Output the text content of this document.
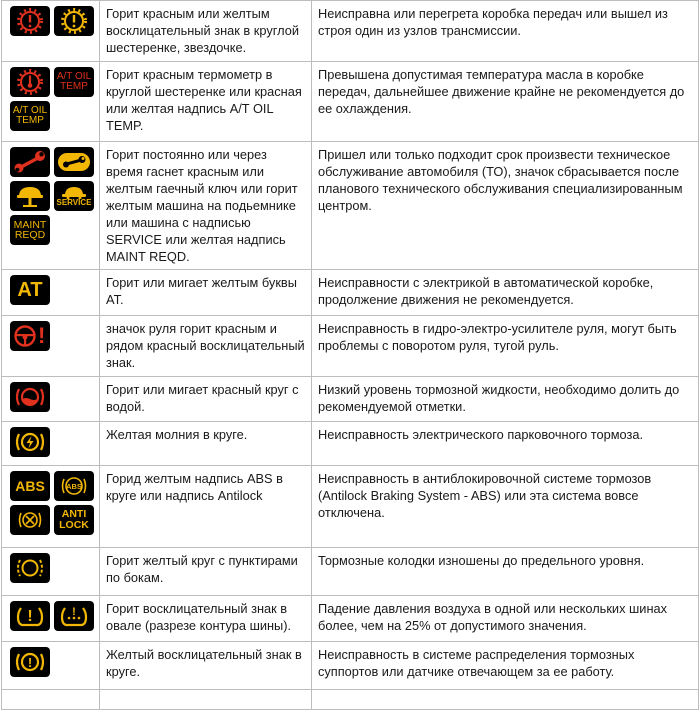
	Горит красным или желтым восклицательный знак в круглой шестеренке, звездочке.	Неисправна или перегрета коробка передач или вышел из строя один из узлов трансмиссии.

A/T OIL
TEMP
A/T OIL
TEMP	Горит красным термометр в круглой шестеренке или красная или желтая надпись A/T OIL TEMP.	Превышена допустимая температура масла в коробке передач, дальнейшее движение крайне не рекомендуется до ее охлаждения.

SERVICE
MAINT
REQD	Горит постоянно или через время гаснет красным или желтым гаечный ключ или горит желтым машина на подьемнике или машина с надписью SERVICE или желтая надпись MAINT REQD.	Пришел или только подходит срок произвести техническое обслуживание автомобиля (ТО), значок сбрасывается после планового технического обслуживания специализированным центром.

AT	Горит или мигает желтым буквы AT.	Неисправности с электрикой в автоматической коробке, продолжение движения не рекомендуется.

!	значок руля горит красным и рядом красный восклицательный знак.	Неисправность в гидро-электро-усилителе руля, могут быть проблемы с поворотом руля, тугой руль.

	Горит или мигает красный круг с водой.	Низкий уровень тормозной жидкости, необходимо долить до рекомендуемой отметки.

	Желтая молния в круге.	Неисправность электрического парковочного тормоза.

ABS ABS
ANTI
LOCK	Горид желтым надпись ABS в круге или надпись Antilock	Неисправность в антиблокировочной системе тормозов (Antilock Braking System - ABS) или эта система вовсе отключена.

	Горит желтый круг с пунктирами по бокам.	Тормозные колодки изношены до предельного уровня.

! !	Горит восклицательный знак в овале (разрезе контура шины).	Падение давления воздуха в одной или нескольких шинах более, чем на 25% от допустимого значения.

!	Желтый восклицательный знак в круге.	Неисправность в системе распределения тормозных суппортов или датчике отвечающем за ее работу.
